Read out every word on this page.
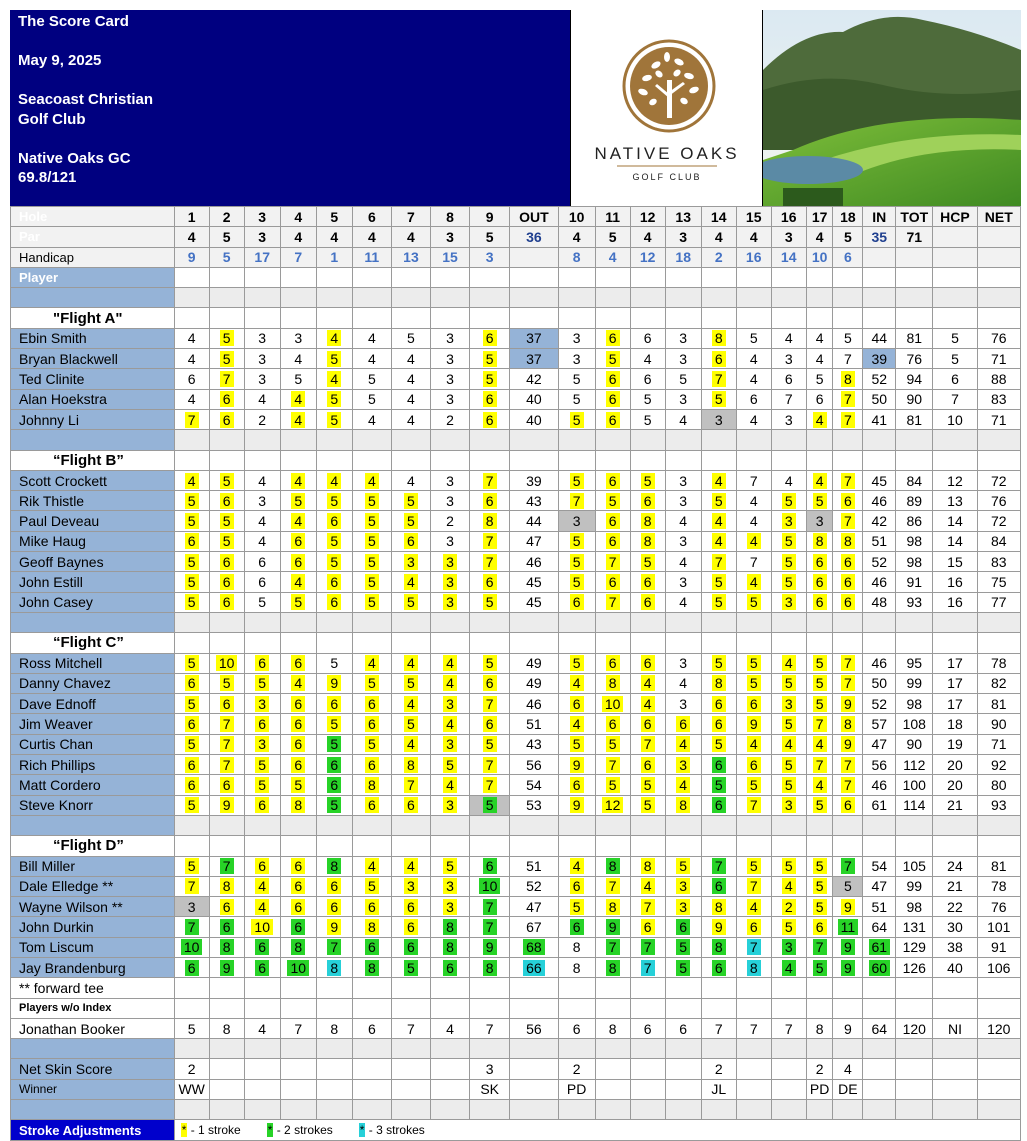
The Score Card
May 9, 2025
Seacoast Christian
Golf Club
Native Oaks GC
69.8/121
NATIVE OAKS
GOLF CLUB
Hole	1	2	3	4	5	6	7	8	9	OUT	10	11	12	13	14	15	16	17	18	IN	TOT	HCP	NET
Par	4	5	3	4	4	4	4	3	5	36	4	5	4	3	4	4	3	4	5	35	71		
Handicap	9	5	17	7	1	11	13	15	3		8	4	12	18	2	16	14	10	6				
Player																							

"Flight A"																							
Ebin Smith	4	5	3	3	4	4	5	3	6	37	3	6	6	3	8	5	4	4	5	44	81	5	76
Bryan Blackwell	4	5	3	4	5	4	4	3	5	37	3	5	4	3	6	4	3	4	7	39	76	5	71
Ted Clinite	6	7	3	5	4	5	4	3	5	42	5	6	6	5	7	4	6	5	8	52	94	6	88
Alan Hoekstra	4	6	4	4	5	5	4	3	6	40	5	6	5	3	5	6	7	6	7	50	90	7	83
Johnny Li	7	6	2	4	5	4	4	2	6	40	5	6	5	4	3	4	3	4	7	41	81	10	71

“Flight B”																							
Scott Crockett	4	5	4	4	4	4	4	3	7	39	5	6	5	3	4	7	4	4	7	45	84	12	72
Rik Thistle	5	6	3	5	5	5	5	3	6	43	7	5	6	3	5	4	5	5	6	46	89	13	76
Paul Deveau	5	5	4	4	6	5	5	2	8	44	3	6	8	4	4	4	3	3	7	42	86	14	72
Mike Haug	6	5	4	6	5	5	6	3	7	47	5	6	8	3	4	4	5	8	8	51	98	14	84
Geoff Baynes	5	6	6	6	5	5	3	3	7	46	5	7	5	4	7	7	5	6	6	52	98	15	83
John Estill	5	6	6	4	6	5	4	3	6	45	5	6	6	3	5	4	5	6	6	46	91	16	75
John Casey	5	6	5	5	6	5	5	3	5	45	6	7	6	4	5	5	3	6	6	48	93	16	77

“Flight C”																							
Ross Mitchell	5	10	6	6	5	4	4	4	5	49	5	6	6	3	5	5	4	5	7	46	95	17	78
Danny Chavez	6	5	5	4	9	5	5	4	6	49	4	8	4	4	8	5	5	5	7	50	99	17	82
Dave Ednoff	5	6	3	6	6	6	4	3	7	46	6	10	4	3	6	6	3	5	9	52	98	17	81
Jim Weaver	6	7	6	6	5	6	5	4	6	51	4	6	6	6	6	9	5	7	8	57	108	18	90
Curtis Chan	5	7	3	6	5	5	4	3	5	43	5	5	7	4	5	4	4	4	9	47	90	19	71
Rich Phillips	6	7	5	6	6	6	8	5	7	56	9	7	6	3	6	6	5	7	7	56	112	20	92
Matt Cordero	6	6	5	5	6	8	7	4	7	54	6	5	5	4	5	5	5	4	7	46	100	20	80
Steve Knorr	5	9	6	8	5	6	6	3	5	53	9	12	5	8	6	7	3	5	6	61	114	21	93

“Flight D”																							
Bill Miller	5	7	6	6	8	4	4	5	6	51	4	8	8	5	7	5	5	5	7	54	105	24	81
Dale Elledge **	7	8	4	6	6	5	3	3	10	52	6	7	4	3	6	7	4	5	5	47	99	21	78
Wayne Wilson **	3	6	4	6	6	6	6	3	7	47	5	8	7	3	8	4	2	5	9	51	98	22	76
John Durkin	7	6	10	6	9	8	6	8	7	67	6	9	6	6	9	6	5	6	11	64	131	30	101
Tom Liscum	10	8	6	8	7	6	6	8	9	68	8	7	7	5	8	7	3	7	9	61	129	38	91
Jay Brandenburg	6	9	6	10	8	8	5	6	8	66	8	8	7	5	6	8	4	5	9	60	126	40	106
** forward tee																							
Players w/o Index																							
Jonathan Booker	5	8	4	7	8	6	7	4	7	56	6	8	6	6	7	7	7	8	9	64	120	NI	120

Net Skin Score	2								3		2				2			2	4				
Winner	WW								SK		PD				JL			PD	DE				

Stroke Adjustments	* - 1 stroke * - 2 strokes * - 3 strokes																						
